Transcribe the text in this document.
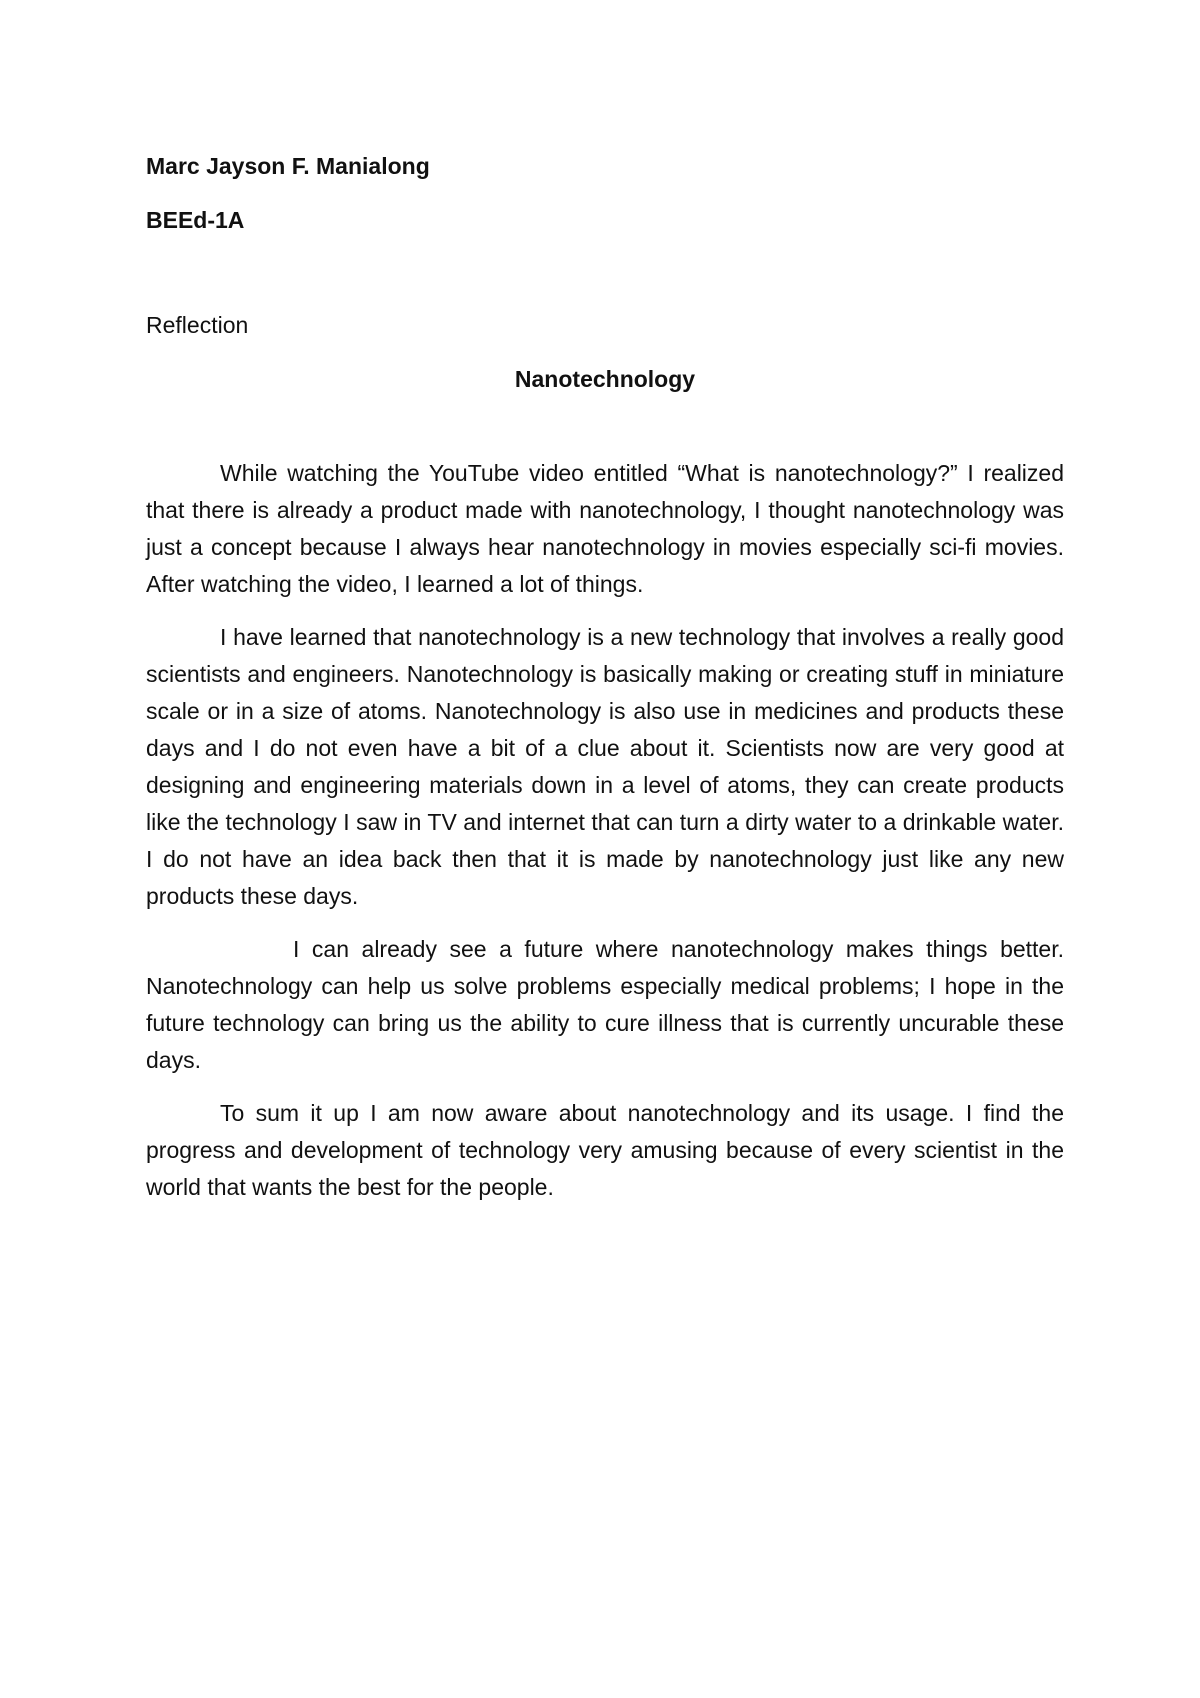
Marc Jayson F. Manialong

BEEd-1A

Reflection

Nanotechnology

While watching the YouTube video entitled “What is nanotechnology?” I realized that there is already a product made with nanotechnology, I thought nanotechnology was just a concept because I always hear nanotechnology in movies especially sci-fi movies. After watching the video, I learned a lot of things.

I have learned that nanotechnology is a new technology that involves a really good scientists and engineers. Nanotechnology is basically making or creating stuff in miniature scale or in a size of atoms. Nanotechnology is also use in medicines and products these days and I do not even have a bit of a clue about it. Scientists now are very good at designing and engineering materials down in a level of atoms, they can create products like the technology I saw in TV and internet that can turn a dirty water to a drinkable water. I do not have an idea back then that it is made by nanotechnology just like any new products these days.

I can already see a future where nanotechnology makes things better. Nanotechnology can help us solve problems especially medical problems; I hope in the future technology can bring us the ability to cure illness that is currently uncurable these days.

To sum it up I am now aware about nanotechnology and its usage. I find the progress and development of technology very amusing because of every scientist in the world that wants the best for the people.
